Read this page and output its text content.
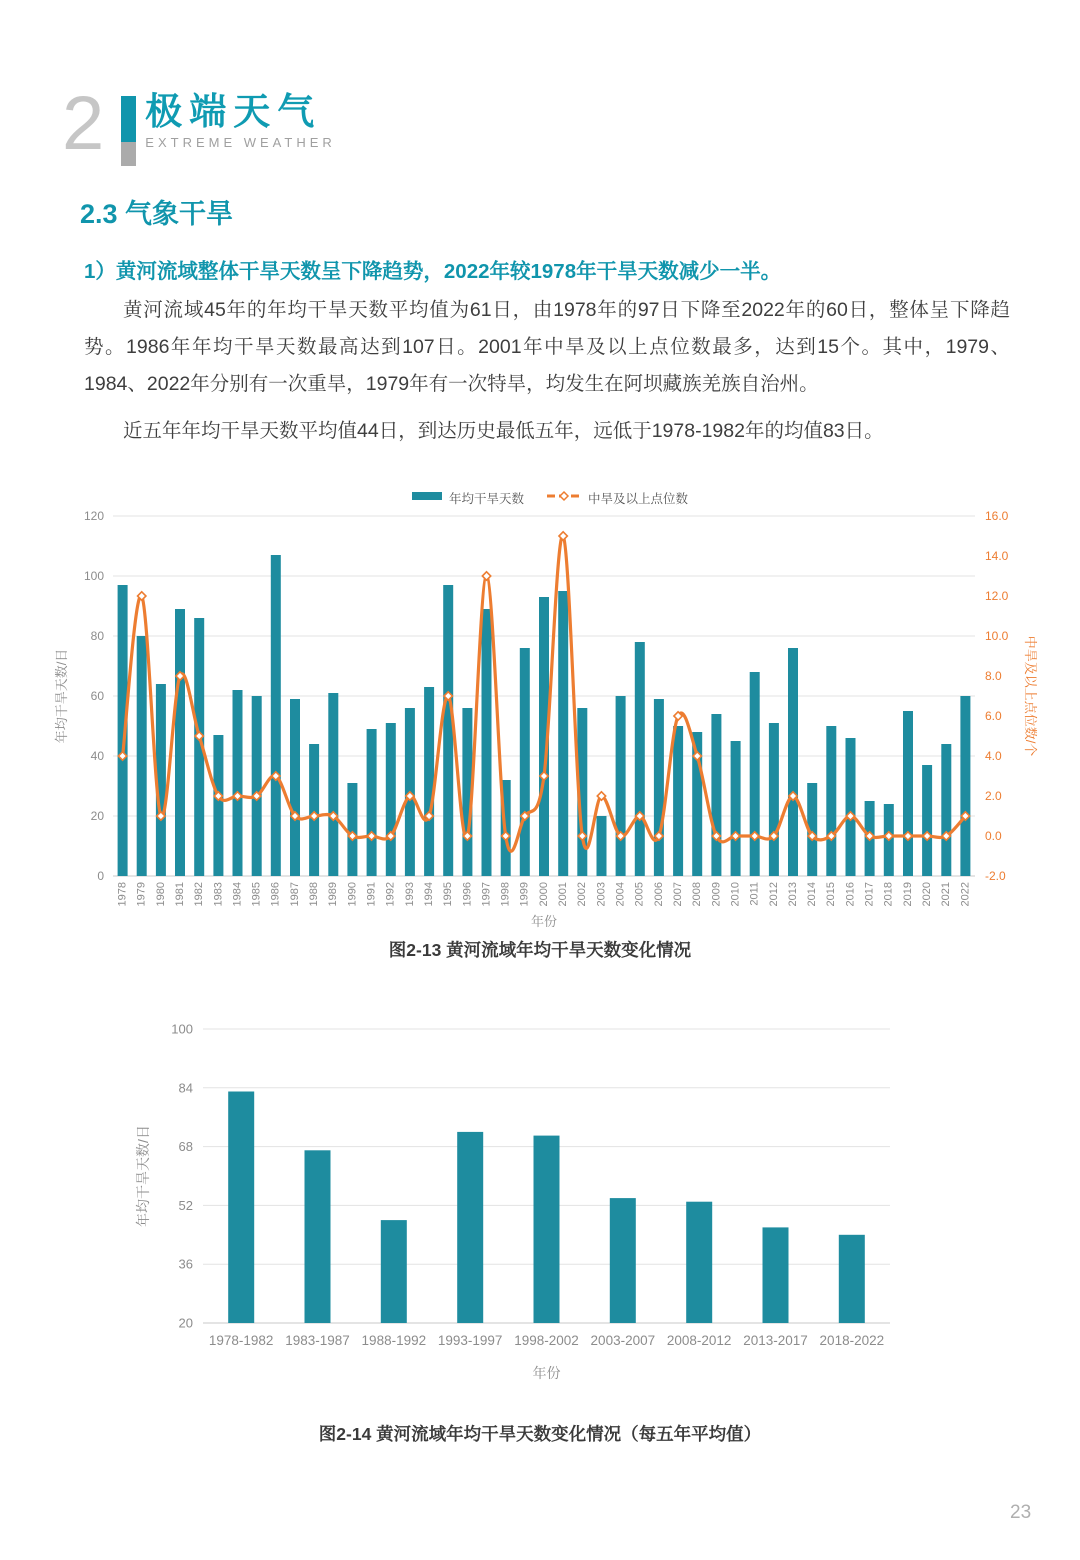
2 极端天气
EXTREME WEATHER
2.3 气象干旱
1）黄河流域整体干旱天数呈下降趋势，2022年较1978年干旱天数减少一半。

黄河流域45年的年均干旱天数平均值为61日，由1978年的97日下降至2022年的60日，整体呈下降趋势。1986年年均干旱天数最高达到107日。2001年中旱及以上点位数最多，达到15个。其中，1979、1984、2022年分别有一次重旱，1979年有一次特旱，均发生在阿坝藏族羌族自治州。

近五年年均干旱天数平均值44日，到达历史最低五年，远低于1978-1982年的均值83日。

0
20
40
60
80
100
120
-2.0
0.0
2.0
4.0
6.0
8.0
10.0
12.0
14.0
16.0
1978 1979 1980 1981 1982 1983 1984 1985 1986 1987 1988 1989 1990 1991 1992 1993 1994 1995 1996 1997 1998 1999 2000 2001 2002 2003 2004 2005 2006 2007 2008 2009 2010 2011 2012 2013 2014 2015 2016 2017 2018 2019 2020 2021 2022
年份
年均干旱天数/日	中旱及以上点位数/个
年均干旱天数	中旱及以上点位数
图2-13 黄河流域年均干旱天数变化情况
20
36
52
68
84
100
1978-1982 1983-1987 1988-1992 1993-1997 1998-2002 2003-2007 2008-2012 2013-2017 2018-2022
年份
年均干旱天数/日
图2-14 黄河流域年均干旱天数变化情况（每五年平均值）
23
